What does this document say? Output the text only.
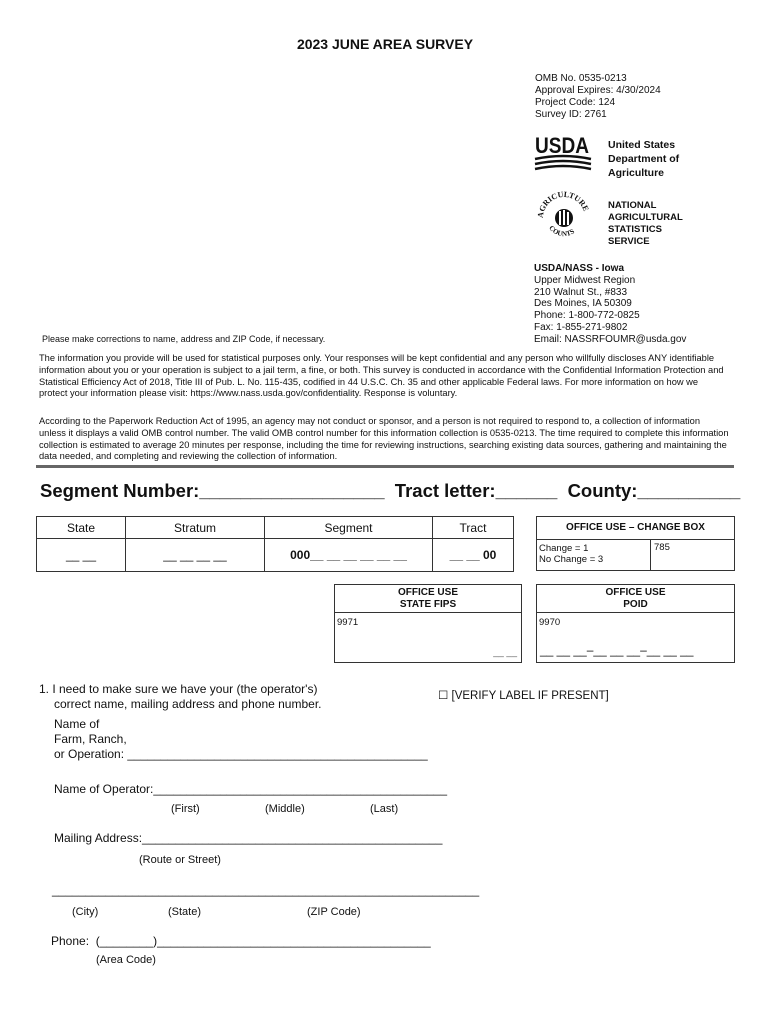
2023 JUNE AREA SURVEY
OMB No. 0535-0213
Approval Expires: 4/30/2024
Project Code: 124
Survey ID: 2761
USDA United States
Department of
Agriculture
AGRICULTURE
COUNTS
NATIONAL
AGRICULTURAL
STATISTICS
SERVICE
USDA/NASS - Iowa
Upper Midwest Region
210 Walnut St., #833
Des Moines, IA 50309
Phone: 1-800-772-0825
Fax: 1-855-271-9802
Email: NASSRFOUMR@usda.gov
Please make corrections to name, address and ZIP Code, if necessary.
The information you provide will be used for statistical purposes only. Your responses will be kept confidential and any person who willfully discloses ANY identifiable information about you or your operation is subject to a jail term, a fine, or both. This survey is conducted in accordance with the Confidential Information Protection and Statistical Efficiency Act of 2018, Title III of Pub. L. No. 115-435, codified in 44 U.S.C. Ch. 35 and other applicable Federal laws. For more information on how we protect your information please visit: https://www.nass.usda.gov/confidentiality. Response is voluntary.
According to the Paperwork Reduction Act of 1995, an agency may not conduct or sponsor, and a person is not required to respond to, a collection of information unless it displays a valid OMB control number. The valid OMB control number for this information collection is 0535-0213. The time required to complete this information collection is estimated to average 20 minutes per response, including the time for reviewing instructions, searching existing data sources, gathering and maintaining the data needed, and completing and reviewing the collection of information.
Segment Number:__________________  Tract letter:______  County:__________
State	Stratum	Segment	Tract
__ __	__ __ __ __	000__ __ __ __ __ __	__ __ 00
OFFICE USE – CHANGE BOX
Change = 1
No Change = 3
785
OFFICE USE
STATE FIPS
9971
__ __
OFFICE USE
POID
9970
__ __ __–__ __ __–__ __ __
1. I need to make sure we have your (the operator's)
correct name, mailing address and phone number.
☐ [VERIFY LABEL IF PRESENT]
Name of
Farm, Ranch,
or Operation: _____________________________________________
Name of Operator:____________________________________________
(First)	(Middle)	(Last)
Mailing Address:_____________________________________________
(Route or Street)
________________________________________________________________
(City)	(State)	(ZIP Code)
Phone:  (________)_________________________________________
(Area Code)
